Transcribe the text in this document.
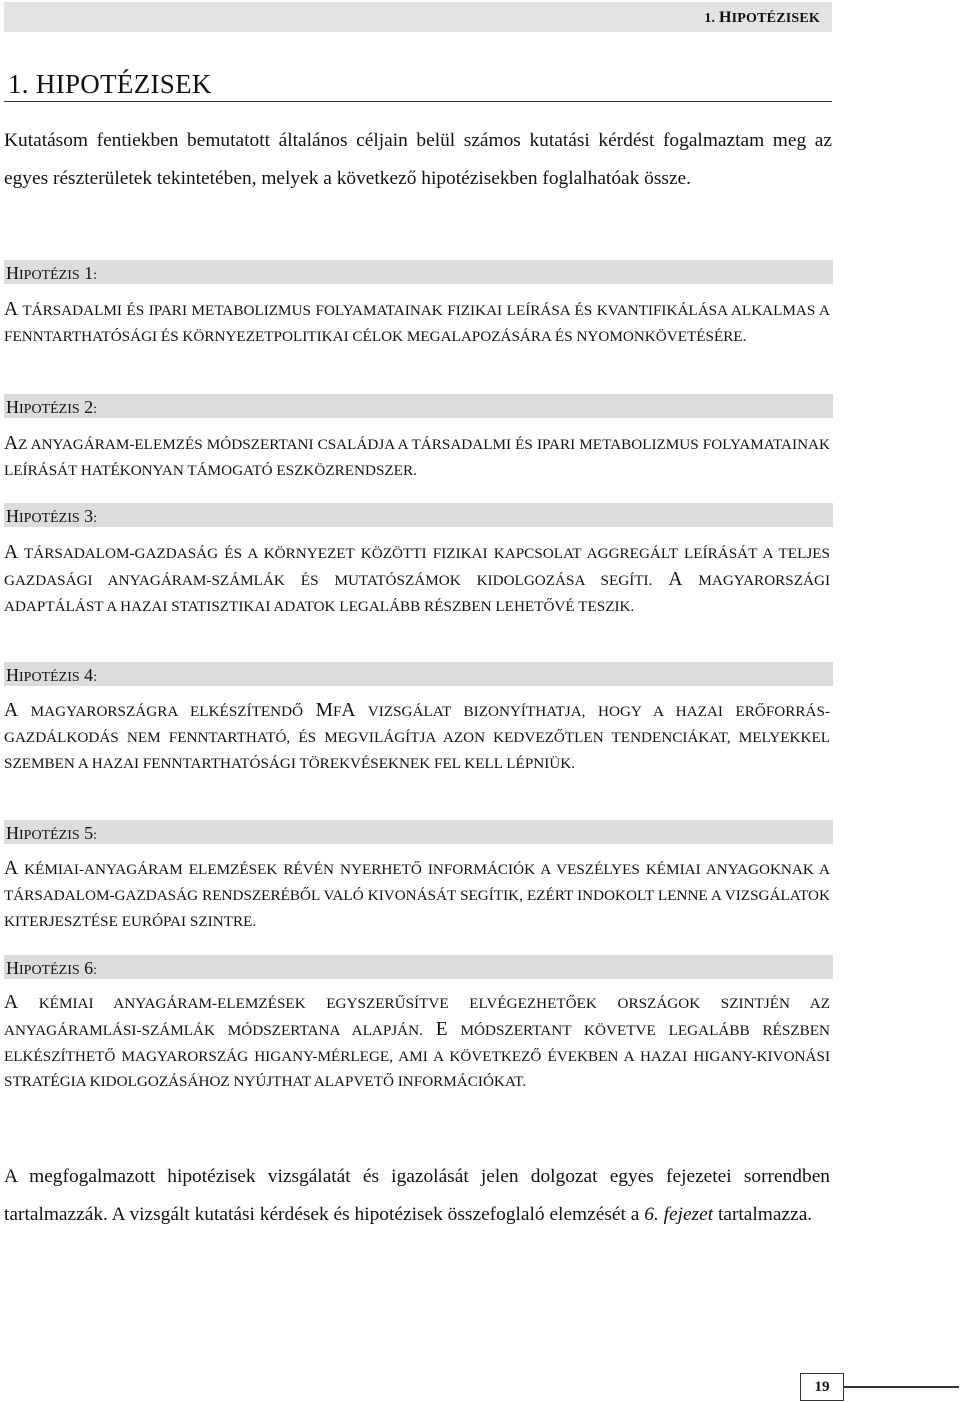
1. HIPOTÉZISEK
1. HIPOTÉZISEK

Kutatásom fentiekben bemutatott általános céljain belül számos kutatási kérdést fogalmaztam meg az egyes részterületek tekintetében, melyek a következő hipotézisekben foglalhatóak össze.

HIPOTÉZIS 1:

A TÁRSADALMI ÉS IPARI METABOLIZMUS FOLYAMATAINAK FIZIKAI LEÍRÁSA ÉS KVANTIFIKÁLÁSA ALKALMAS A FENNTARTHATÓSÁGI ÉS KÖRNYEZETPOLITIKAI CÉLOK MEGALAPOZÁSÁRA ÉS NYOMONKÖVETÉSÉRE.

HIPOTÉZIS 2:

AZ ANYAGÁRAM-ELEMZÉS MÓDSZERTANI CSALÁDJA A TÁRSADALMI ÉS IPARI METABOLIZMUS FOLYAMATAINAK LEÍRÁSÁT HATÉKONYAN TÁMOGATÓ ESZKÖZRENDSZER.

HIPOTÉZIS 3:

A TÁRSADALOM-GAZDASÁG ÉS A KÖRNYEZET KÖZÖTTI FIZIKAI KAPCSOLAT AGGREGÁLT LEÍRÁSÁT A TELJES GAZDASÁGI ANYAGÁRAM-SZÁMLÁK ÉS MUTATÓSZÁMOK KIDOLGOZÁSA SEGÍTI. A MAGYARORSZÁGI ADAPTÁLÁST A HAZAI STATISZTIKAI ADATOK LEGALÁBB RÉSZBEN LEHETŐVÉ TESZIK.

HIPOTÉZIS 4:

A MAGYARORSZÁGRA ELKÉSZÍTENDŐ MFA VIZSGÁLAT BIZONYÍTHATJA, HOGY A HAZAI ERŐFORRÁS-GAZDÁLKODÁS NEM FENNTARTHATÓ, ÉS MEGVILÁGÍTJA AZON KEDVEZŐTLEN TENDENCIÁKAT, MELYEKKEL SZEMBEN A HAZAI FENNTARTHATÓSÁGI TÖREKVÉSEKNEK FEL KELL LÉPNIÜK.

HIPOTÉZIS 5:

A KÉMIAI-ANYAGÁRAM ELEMZÉSEK RÉVÉN NYERHETŐ INFORMÁCIÓK A VESZÉLYES KÉMIAI ANYAGOKNAK A TÁRSADALOM-GAZDASÁG RENDSZERÉBŐL VALÓ KIVONÁSÁT SEGÍTIK, EZÉRT INDOKOLT LENNE A VIZSGÁLATOK KITERJESZTÉSE EURÓPAI SZINTRE.

HIPOTÉZIS 6:

A KÉMIAI ANYAGÁRAM-ELEMZÉSEK EGYSZERŰSÍTVE ELVÉGEZHETŐEK ORSZÁGOK SZINTJÉN AZ ANYAGÁRAMLÁSI-SZÁMLÁK MÓDSZERTANA ALAPJÁN. E MÓDSZERTANT KÖVETVE LEGALÁBB RÉSZBEN ELKÉSZÍTHETŐ MAGYARORSZÁG HIGANY-MÉRLEGE, AMI A KÖVETKEZŐ ÉVEKBEN A HAZAI HIGANY-KIVONÁSI STRATÉGIA KIDOLGOZÁSÁHOZ NYÚJTHAT ALAPVETŐ INFORMÁCIÓKAT.

A megfogalmazott hipotézisek vizsgálatát és igazolását jelen dolgozat egyes fejezetei sorrendben tartalmazzák. A vizsgált kutatási kérdések és hipotézisek összefoglaló elemzését a 6. fejezet tartalmazza.

19
